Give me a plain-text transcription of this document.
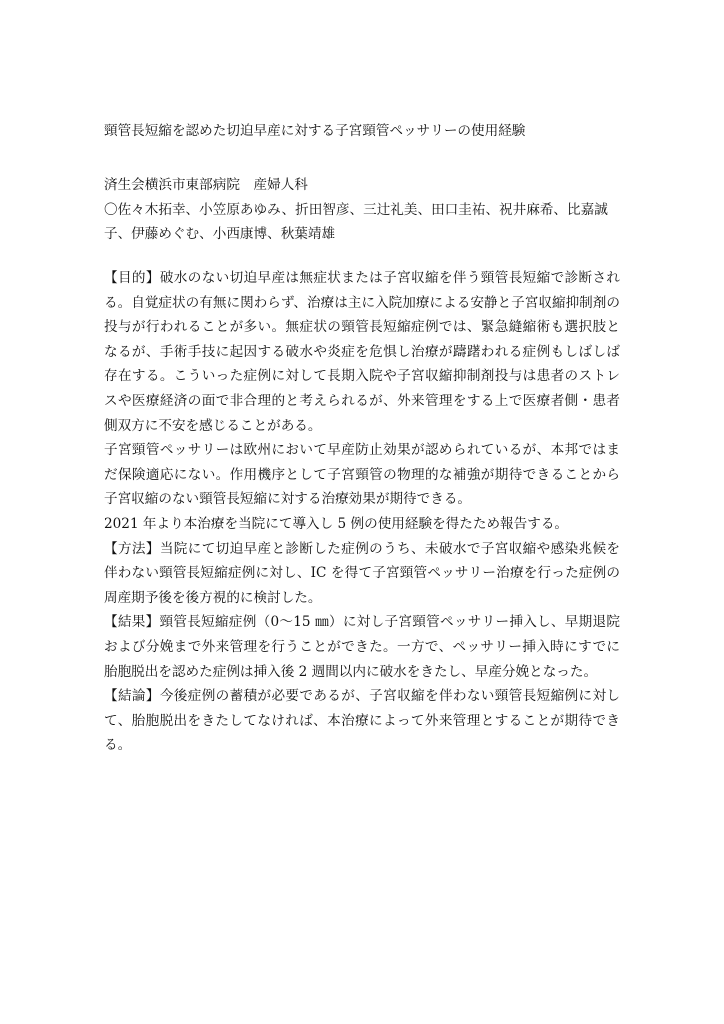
頸管長短縮を認めた切迫早産に対する子宮頸管ペッサリーの使用経験
済生会横浜市東部病院　産婦人科
〇佐々木拓幸、小笠原あゆみ、折田智彦、三辻礼美、田口圭祐、祝井麻希、比嘉誠子、伊藤めぐむ、小西康博、秋葉靖雄

【目的】破水のない切迫早産は無症状または子宮収縮を伴う頸管長短縮で診断される。自覚症状の有無に関わらず、治療は主に入院加療による安静と子宮収縮抑制剤の投与が行われることが多い。無症状の頸管長短縮症例では、緊急縫縮術も選択肢となるが、手術手技に起因する破水や炎症を危惧し治療が躊躇われる症例もしばしば存在する。こういった症例に対して長期入院や子宮収縮抑制剤投与は患者のストレスや医療経済の面で非合理的と考えられるが、外来管理をする上で医療者側・患者側双方に不安を感じることがある。

子宮頸管ペッサリーは欧州において早産防止効果が認められているが、本邦ではまだ保険適応にない。作用機序として子宮頸管の物理的な補強が期待できることから子宮収縮のない頸管長短縮に対する治療効果が期待できる。

2021 年より本治療を当院にて導入し 5 例の使用経験を得たため報告する。

【方法】当院にて切迫早産と診断した症例のうち、未破水で子宮収縮や感染兆候を伴わない頸管長短縮症例に対し、IC を得て子宮頸管ペッサリー治療を行った症例の周産期予後を後方視的に検討した。

【結果】頸管長短縮症例（0～15 ㎜）に対し子宮頸管ペッサリー挿入し、早期退院および分娩まで外来管理を行うことができた。一方で、ペッサリー挿入時にすでに胎胞脱出を認めた症例は挿入後 2 週間以内に破水をきたし、早産分娩となった。

【結論】今後症例の蓄積が必要であるが、子宮収縮を伴わない頸管長短縮例に対して、胎胞脱出をきたしてなければ、本治療によって外来管理とすることが期待できる。
